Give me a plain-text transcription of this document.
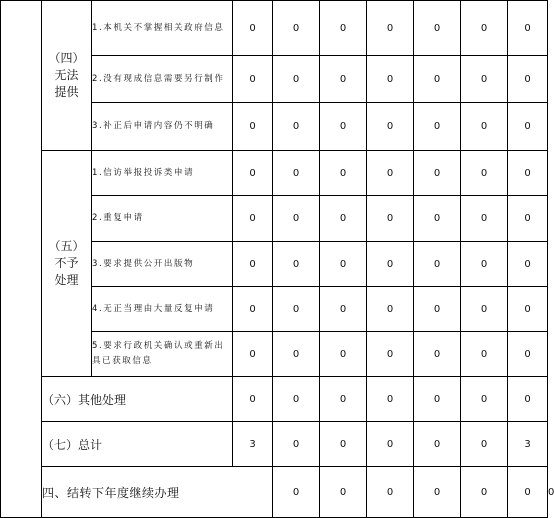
	（四）
无法
提供	1.本机关不掌握相关政府信息	0	0	0	0	0	0	0	
		2.没有现成信息需要另行制作	0	0	0	0	0	0	0	
		3.补正后申请内容仍不明确	0	0	0	0	0	0	0	

	（五）
不予
处理	1.信访举报投诉类申请	0	0	0	0	0	0	0	
		2.重复申请	0	0	0	0	0	0	0	
		3.要求提供公开出版物	0	0	0	0	0	0	0	
		4.无正当理由大量反复申请	0	0	0	0	0	0	0	
		5.要求行政机关确认或重新出具已获取信息	0	0	0	0	0	0	0	
	（六）其他处理		0	0	0	0	0	0	0	
	（七）总计		3	0	0	0	0	0	3	
	四、结转下年度继续办理			0	0	0	0	0	0	0
